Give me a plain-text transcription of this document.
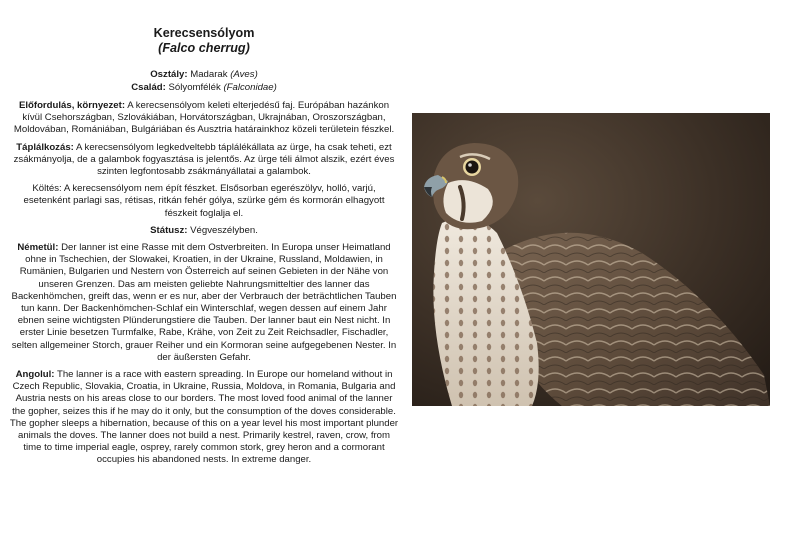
Kerecsensólyom
(Falco cherrug)

Osztály: Madarak (Aves)

Család: Sólyomfélék (Falconidae)

Előfordulás, környezet: A kerecsensólyom keleti elterjedésű faj. Európában hazánkon kívül Csehországban, Szlovákiában, Horvátországban, Ukrajnában, Oroszországban, Moldovában, Romániában, Bulgáriában és Ausztria határainkhoz közeli területein fészkel.

Táplálkozás: A kerecsensólyom legkedveltebb táplálékállata az ürge, ha csak teheti, ezt zsákmányolja, de a galambok fogyasztása is jelentős. Az ürge téli álmot alszik, ezért éves szinten legfontosabb zsákmányállatai a galambok.

Költés: A kerecsensólyom nem épít fészket. Elsősorban egerészölyv, holló, varjú, esetenként parlagi sas, rétisas, ritkán fehér gólya, szürke gém és kormorán elhagyott fészkeit foglalja el.

Státusz: Végveszélyben.

Németül: Der lanner ist eine Rasse mit dem Ostverbreiten. In Europa unser Heimatland ohne in Tschechien, der Slowakei, Kroatien, in der Ukraine, Russland, Moldawien, in Rumänien, Bulgarien und Nestern von Österreich auf seinen Gebieten in der Nähe von unseren Grenzen. Das am meisten geliebte Nahrungsmitteltier des lanner das Backenhömchen, greift das, wenn er es nur, aber der Verbrauch der beträchtlichen Tauben tun kann. Der Backenhömchen-Schlaf ein Winterschlaf, wegen dessen auf einem Jahr ebnen seine wichtigsten Plünderungstiere die Tauben. Der lanner baut ein Nest nicht. In erster Linie besetzen Turmfalke, Rabe, Krähe, von Zeit zu Zeit Reichsadler, Fischadler, selten allgemeiner Storch, grauer Reiher und ein Kormoran seine aufgegebenen Nester. In der äußersten Gefahr.

Angolul: The lanner is a race with eastern spreading. In Europe our homeland without in Czech Republic, Slovakia, Croatia, in Ukraine, Russia, Moldova, in Romania, Bulgaria and Austria nests on his areas close to our borders. The most loved food animal of the lanner the gopher, seizes this if he may do it only, but the consumption of the doves considerable. The gopher sleeps a hibernation, because of this on a year level his most important plunder animals the doves. The lanner does not build a nest. Primarily kestrel, raven, crow, from time to time imperial eagle, osprey, rarely common stork, grey heron and a cormorant occupies his abandoned nests. In extreme danger.
